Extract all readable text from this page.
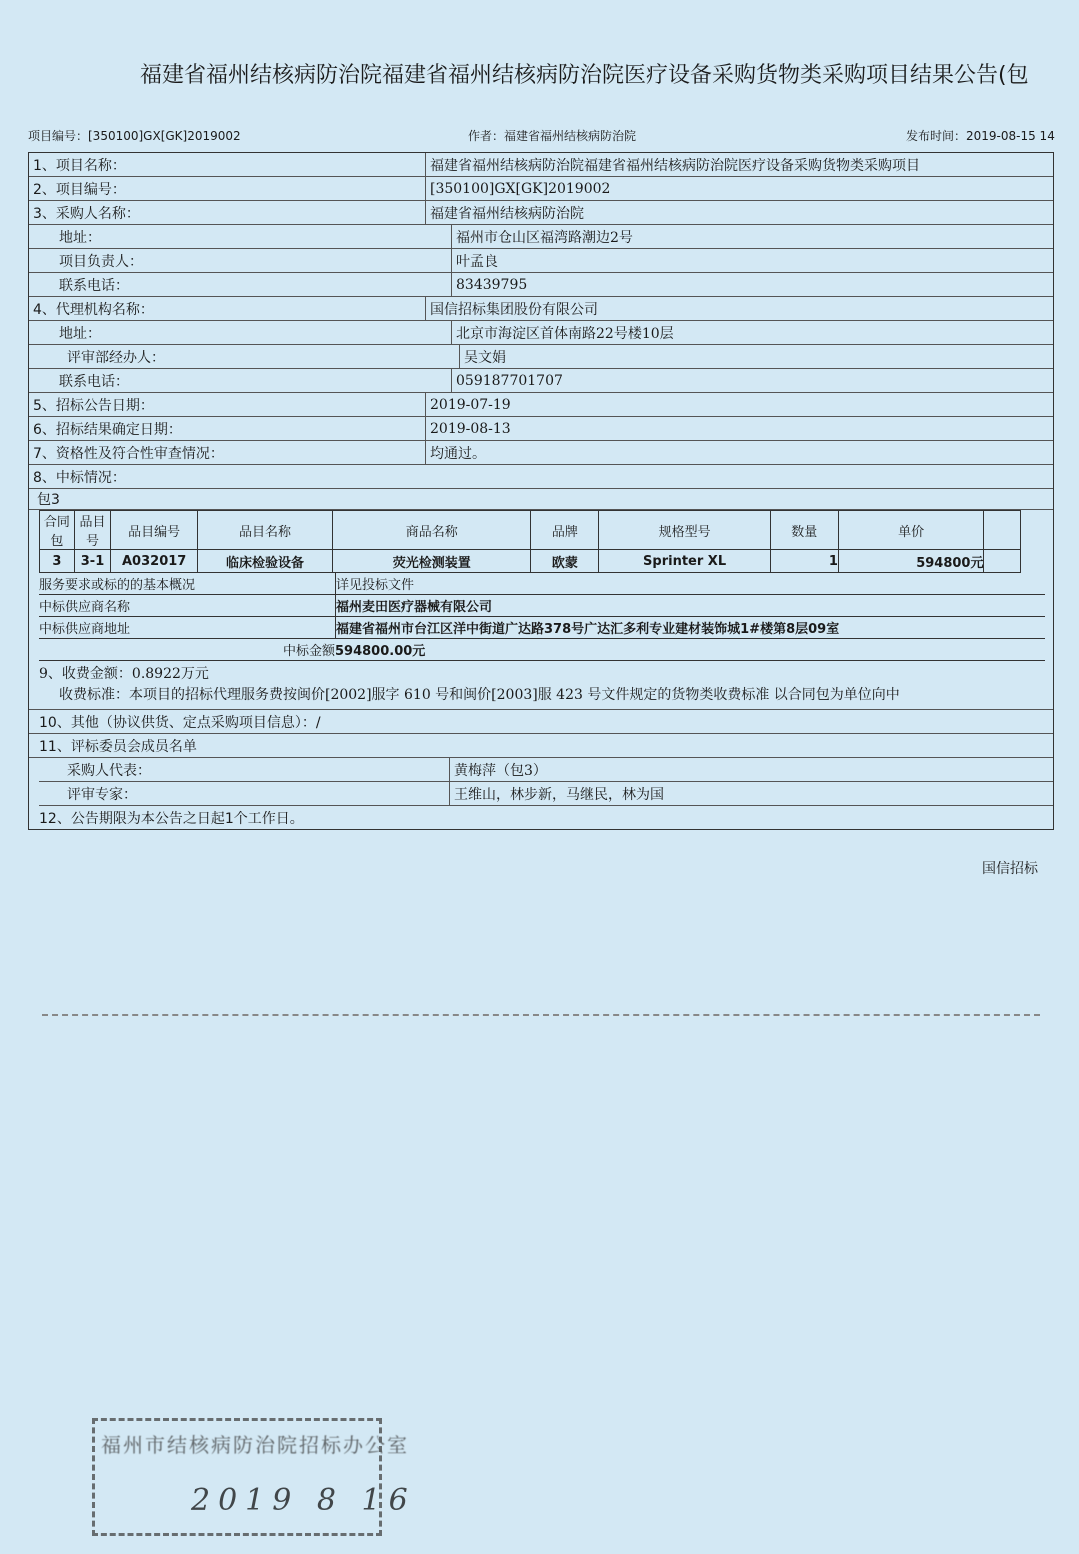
福建省福州结核病防治院福建省福州结核病防治院医疗设备采购货物类采购项目结果公告(包
项目编号：[350100]GX[GK]2019002	作者：福建省福州结核病防治院	发布时间：2019-08-15 14
1、项目名称：	福建省福州结核病防治院福建省福州结核病防治院医疗设备采购货物类采购项目
2、项目编号：	[350100]GX[GK]2019002
3、采购人名称：	福建省福州结核病防治院
地址：	福州市仓山区福湾路潮边2号
项目负责人：	叶孟良
联系电话：	83439795
4、代理机构名称：	国信招标集团股份有限公司
地址：	北京市海淀区首体南路22号楼10层
评审部经办人：	吴文娟
联系电话：	059187701707
5、招标公告日期：	2019-07-19
6、招标结果确定日期：	2019-08-13
7、资格性及符合性审查情况：	均通过。
8、中标情况：
包3
合同包	品目号	品目编号	品目名称	商品名称	品牌	规格型号	数量	单价	
3	3-1	A032017	临床检验设备	荧光检测装置	欧蒙	Sprinter XL	1	594800元	
服务要求或标的的基本概况	详见投标文件
中标供应商名称	福州麦田医疗器械有限公司
中标供应商地址	福建省福州市台江区洋中街道广达路378号广达汇多利专业建材装饰城1#楼第8层09室
中标金额 594800.00元
9、收费金额：0.8922万元
收费标准：本项目的招标代理服务费按闽价[2002]服字 610 号和闽价[2003]服 423 号文件规定的货物类收费标准 以合同包为单位向中
10、其他（协议供货、定点采购项目信息）：/
11、评标委员会成员名单
采购人代表：	黄梅萍（包3）
评审专家：	王维山，林步新，马继民，林为国
12、公告期限为本公告之日起1个工作日。
国信招标
福州市结核病防治院招标办公室
2019 8 16
